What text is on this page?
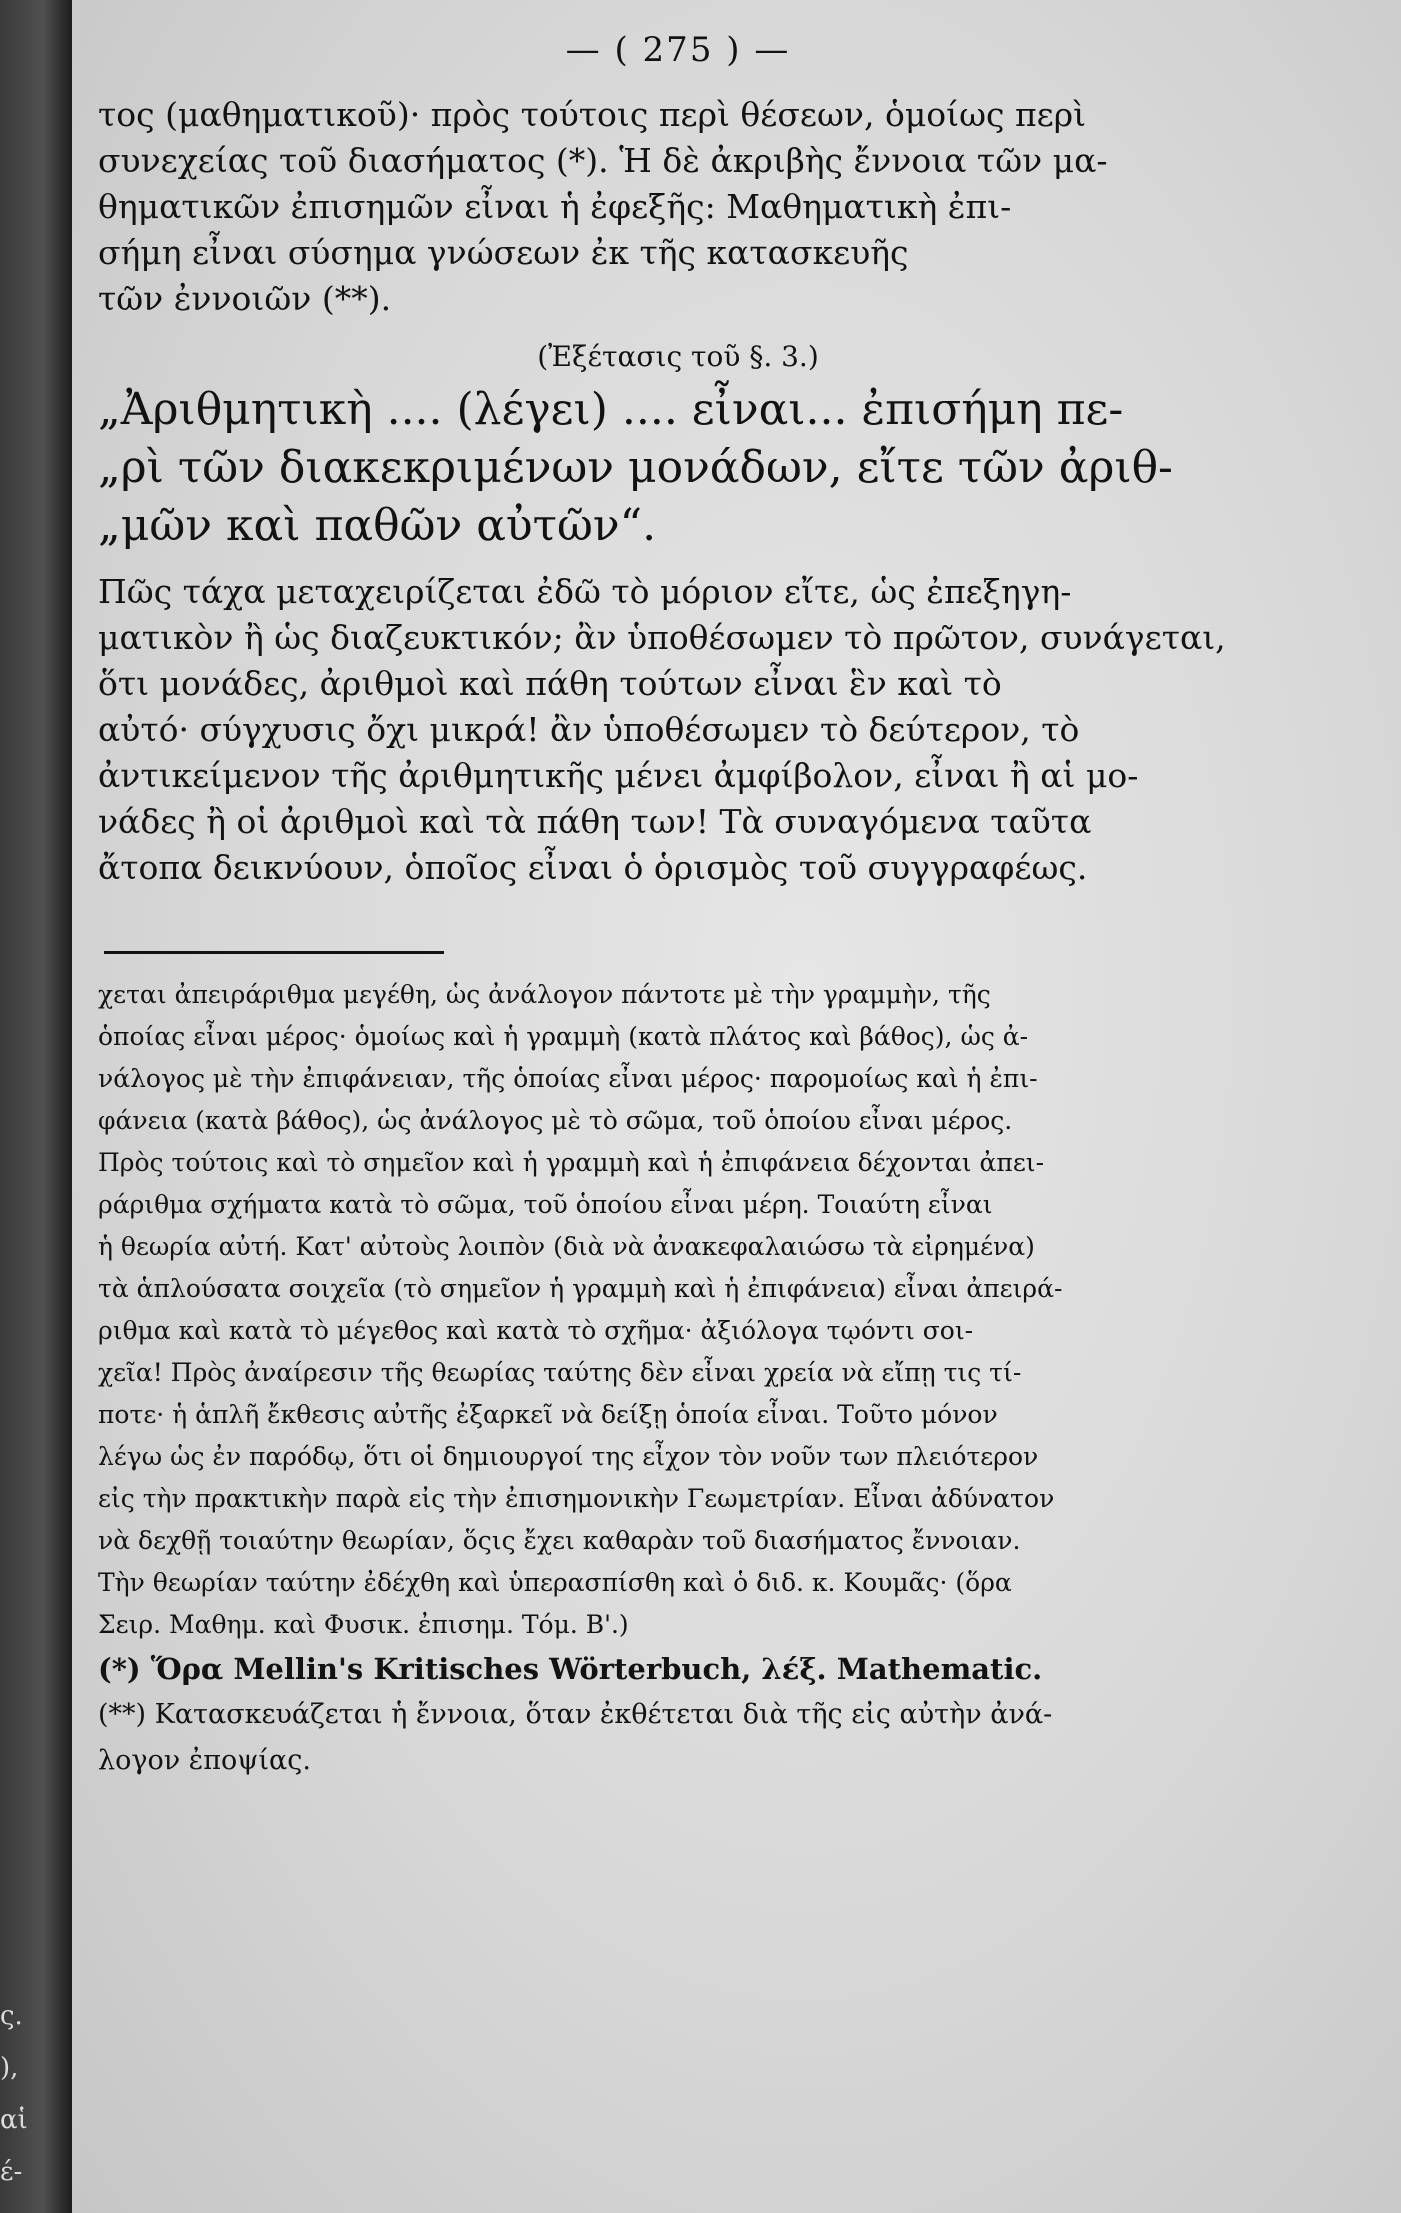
ς.
),
αἱ
έ-
— ( 275 ) —

τος (μαθηματικοῦ)· πρὸς τούτοις περὶ θέσεων, ὁμοίως περὶ

συνεχείας τοῦ διασήματος (*). Ἡ δὲ ἀκριβὴς ἔννοια τῶν μα-

θηματικῶν ἐπισημῶν εἶναι ἡ ἐφεξῆς: Μαθηματικὴ ἐπι-

σήμη εἶναι σύσημα γνώσεων ἐκ τῆς κατασκευῆς

τῶν ἐννοιῶν (**).

(Ἐξέτασις τοῦ §. 3.)

„Ἀριθμητικὴ .... (λέγει) .... εἶναι... ἐπισήμη πε-

„ρὶ τῶν διακεκριμένων μονάδων, εἴτε τῶν ἀριθ-

„μῶν καὶ παθῶν αὐτῶν“.

Πῶς τάχα μεταχειρίζεται ἐδῶ τὸ μόριον εἴτε, ὡς ἐπεξηγη-

ματικὸν ἢ ὡς διαζευκτικόν; ἂν ὑποθέσωμεν τὸ πρῶτον, συνάγεται,

ὅτι μονάδες, ἀριθμοὶ καὶ πάθη τούτων εἶναι ἓν καὶ τὸ

αὐτό· σύγχυσις ὄχι μικρά! ἂν ὑποθέσωμεν τὸ δεύτερον, τὸ

ἀντικείμενον τῆς ἀριθμητικῆς μένει ἀμφίβολον, εἶναι ἢ αἱ μο-

νάδες ἢ οἱ ἀριθμοὶ καὶ τὰ πάθη των! Τὰ συναγόμενα ταῦτα

ἄτοπα δεικνύουν, ὁποῖος εἶναι ὁ ὁρισμὸς τοῦ συγγραφέως.

χεται ἀπειράριθμα μεγέθη, ὡς ἀνάλογον πάντοτε μὲ τὴν γραμμὴν, τῆς

ὁποίας εἶναι μέρος· ὁμοίως καὶ ἡ γραμμὴ (κατὰ πλάτος καὶ βάθος), ὡς ἀ-

νάλογος μὲ τὴν ἐπιφάνειαν, τῆς ὁποίας εἶναι μέρος· παρομοίως καὶ ἡ ἐπι-

φάνεια (κατὰ βάθος), ὡς ἀνάλογος μὲ τὸ σῶμα, τοῦ ὁποίου εἶναι μέρος.

Πρὸς τούτοις καὶ τὸ σημεῖον καὶ ἡ γραμμὴ καὶ ἡ ἐπιφάνεια δέχονται ἀπει-

ράριθμα σχήματα κατὰ τὸ σῶμα, τοῦ ὁποίου εἶναι μέρη. Τοιαύτη εἶναι

ἡ θεωρία αὐτή. Κατ' αὐτοὺς λοιπὸν (διὰ νὰ ἀνακεφαλαιώσω τὰ εἰρημένα)

τὰ ἁπλούσατα σοιχεῖα (τὸ σημεῖον ἡ γραμμὴ καὶ ἡ ἐπιφάνεια) εἶναι ἀπειρά-

ριθμα καὶ κατὰ τὸ μέγεθος καὶ κατὰ τὸ σχῆμα· ἀξιόλογα τῳόντι σοι-

χεῖα! Πρὸς ἀναίρεσιν τῆς θεωρίας ταύτης δὲν εἶναι χρεία νὰ εἴπῃ τις τί-

ποτε· ἡ ἁπλῆ ἔκθεσις αὐτῆς ἐξαρκεῖ νὰ δείξῃ ὁποία εἶναι. Τοῦτο μόνον

λέγω ὡς ἐν παρόδῳ, ὅτι οἱ δημιουργοί της εἶχον τὸν νοῦν των πλειότερον

εἰς τὴν πρακτικὴν παρὰ εἰς τὴν ἐπισημονικὴν Γεωμετρίαν. Εἶναι ἀδύνατον

νὰ δεχθῇ τοιαύτην θεωρίαν, ὅςις ἔχει καθαρὰν τοῦ διασήματος ἔννοιαν.

Τὴν θεωρίαν ταύτην ἐδέχθη καὶ ὑπερασπίσθη καὶ ὁ διδ. κ. Κουμᾶς· (ὅρα

Σειρ. Μαθημ. καὶ Φυσικ. ἐπισημ. Τόμ. Β'.)

(*) Ὅρα Mellin's Kritisches Wörterbuch, λέξ. Mathematic.

(**) Κατασκευάζεται ἡ ἔννοια, ὅταν ἐκθέτεται διὰ τῆς εἰς αὐτὴν ἀνά-

λογον ἐποψίας.
